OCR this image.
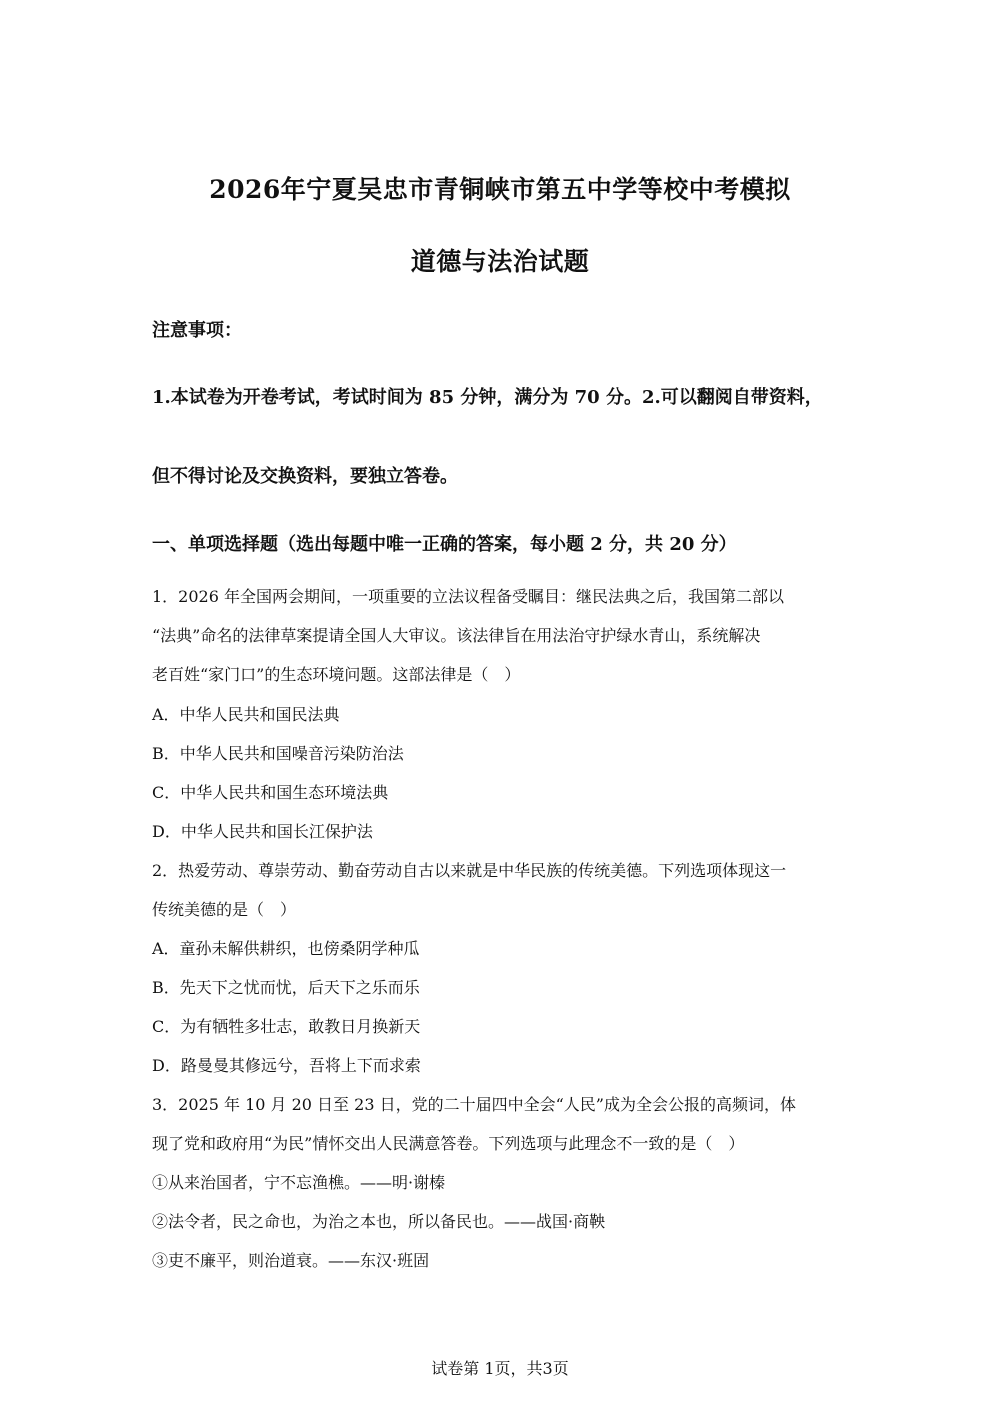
2026年宁夏吴忠市青铜峡市第五中学等校中考模拟
道德与法治试题
注意事项：
1.本试卷为开卷考试，考试时间为 85 分钟，满分为 70 分。2.可以翻阅自带资料，
但不得讨论及交换资料，要独立答卷。
一、单项选择题（选出每题中唯一正确的答案，每小题 2 分，共 20 分）
1．2026 年全国两会期间，一项重要的立法议程备受瞩目：继民法典之后，我国第二部以
“法典”命名的法律草案提请全国人大审议。该法律旨在用法治守护绿水青山，系统解决
老百姓“家门口”的生态环境问题。这部法律是（　）
A．中华人民共和国民法典
B．中华人民共和国噪音污染防治法
C．中华人民共和国生态环境法典
D．中华人民共和国长江保护法
2．热爱劳动、尊崇劳动、勤奋劳动自古以来就是中华民族的传统美德。下列选项体现这一
传统美德的是（　）
A．童孙未解供耕织，也傍桑阴学种瓜
B．先天下之忧而忧，后天下之乐而乐
C．为有牺牲多壮志，敢教日月换新天
D．路曼曼其修远兮，吾将上下而求索
3．2025 年 10 月 20 日至 23 日，党的二十届四中全会“人民”成为全会公报的高频词，体
现了党和政府用“为民”情怀交出人民满意答卷。下列选项与此理念不一致的是（　）
①从来治国者，宁不忘渔樵。——明·谢榛
②法令者，民之命也，为治之本也，所以备民也。——战国·商鞅
③吏不廉平，则治道衰。——东汉·班固
试卷第 1页，共3页
